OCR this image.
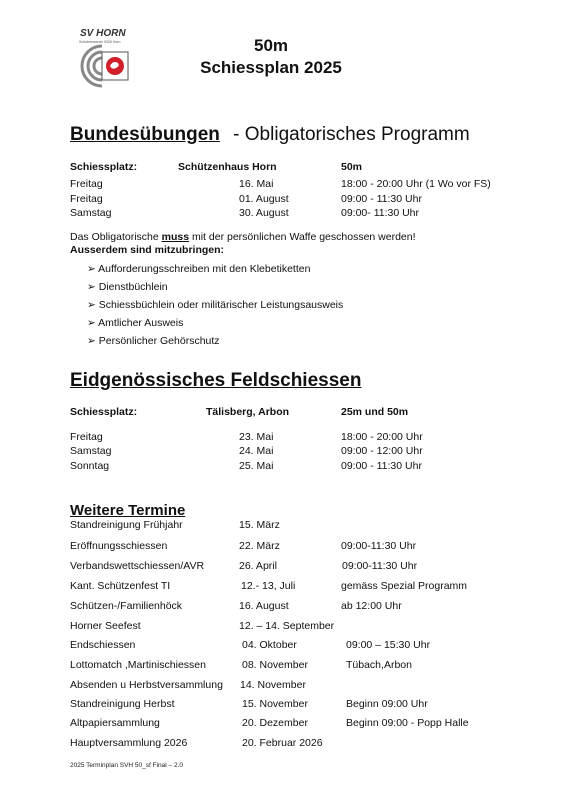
SV HORN
Schützenverein 9326 Horn	50m
Schiessplan 2025
Bundesübungen - Obligatorisches Programm
Schiessplatz:	Schützenhaus Horn	50m
Freitag	16. Mai	18:00 - 20:00 Uhr (1 Wo vor FS)
Freitag	01. August	09:00 - 11:30 Uhr
Samstag	30. August	09:00- 11:30 Uhr
Das Obligatorische muss mit der persönlichen Waffe geschossen werden!
Ausserdem sind mitzubringen:
➢ Aufforderungsschreiben mit den Klebetiketten
➢ Dienstbüchlein
➢ Schiessbüchlein oder militärischer Leistungsausweis
➢ Amtlicher Ausweis
➢ Persönlicher Gehörschutz
Eidgenössisches Feldschiessen
Schiessplatz:	Tälisberg, Arbon	25m und 50m
Freitag	23. Mai	18:00 - 20:00 Uhr
Samstag	24. Mai	09:00 - 12:00 Uhr
Sonntag	25. Mai	09:00 - 11:30 Uhr
Weitere Termine
Standreinigung Frühjahr	15. März
Eröffnungsschiessen	22. März	09:00-11:30 Uhr
Verbandswettschiessen/AVR	26. April	09:00-11:30 Uhr
Kant. Schützenfest TI	12.- 13, Juli	gemäss Spezial Programm
Schützen-/Familienhöck	16. August	ab 12:00 Uhr
Horner Seefest	12. – 14. September
Endschiessen	04. Oktober	09:00 – 15:30 Uhr
Lottomatch ,Martinischiessen	08. November	Tübach,Arbon
Absenden u Herbstversammlung 14. November
Standreinigung Herbst	15. November	Beginn 09:00 Uhr
Altpapiersammlung	20. Dezember	Beginn 09:00 - Popp Halle
Hauptversammlung 2026	20. Februar 2026
2025 Terminplan SVH 50_sf Final – 2.0
